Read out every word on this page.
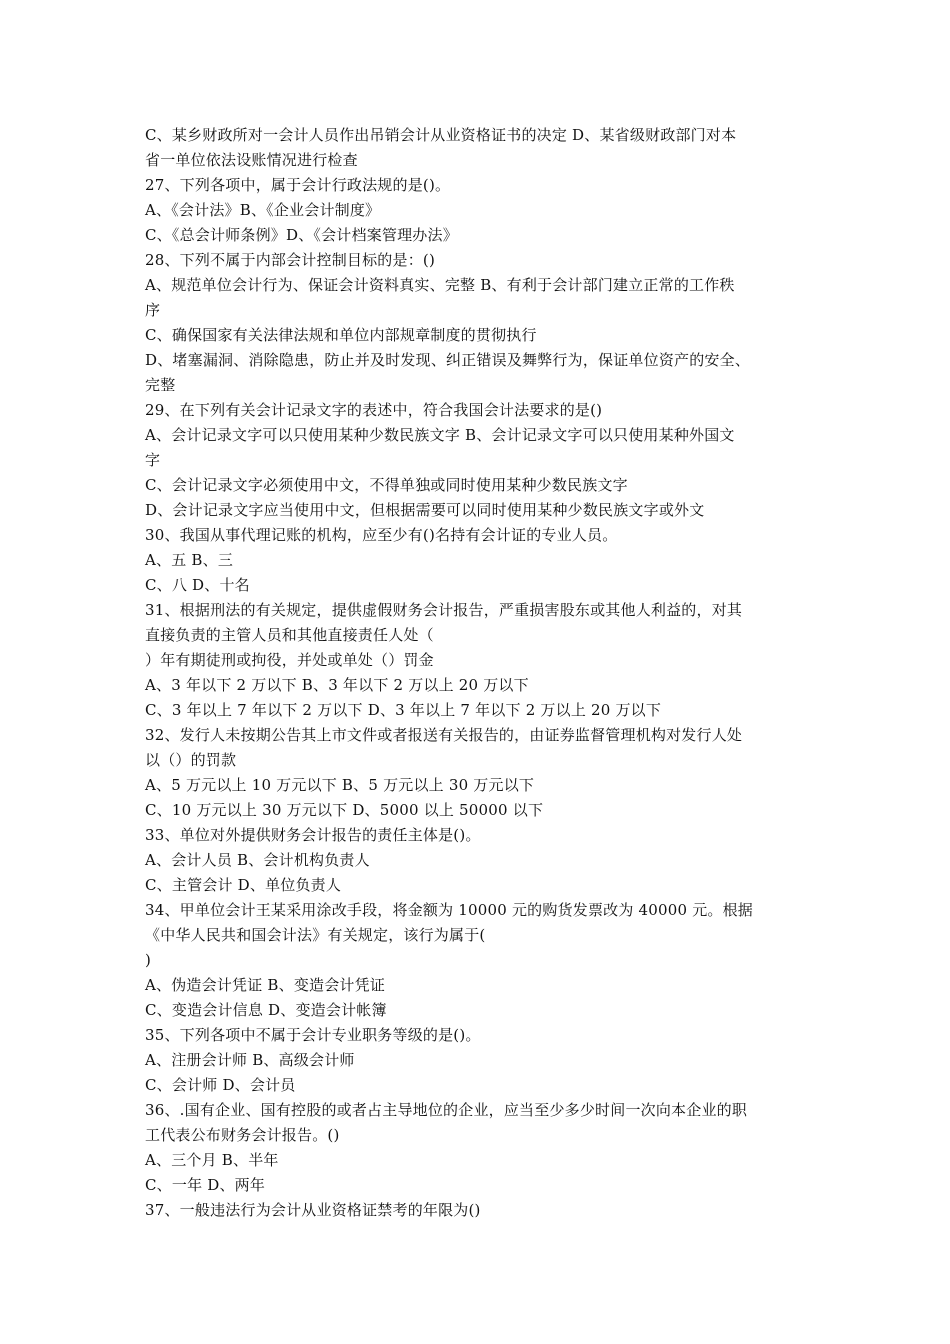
C、某乡财政所对一会计人员作出吊销会计从业资格证书的决定 D、某省级财政部门对本
省一单位依法设账情况进行检查
27、下列各项中，属于会计行政法规的是()。
A、《会计法》B、《企业会计制度》
C、《总会计师条例》D、《会计档案管理办法》
28、下列不属于内部会计控制目标的是：()
A、规范单位会计行为、保证会计资料真实、完整 B、有利于会计部门建立正常的工作秩
序
C、确保国家有关法律法规和单位内部规章制度的贯彻执行
D、堵塞漏洞、消除隐患，防止并及时发现、纠正错误及舞弊行为，保证单位资产的安全、
完整
29、在下列有关会计记录文字的表述中，符合我国会计法要求的是()
A、会计记录文字可以只使用某种少数民族文字 B、会计记录文字可以只使用某种外国文
字
C、会计记录文字必须使用中文，不得单独或同时使用某种少数民族文字
D、会计记录文字应当使用中文，但根据需要可以同时使用某种少数民族文字或外文
30、我国从事代理记账的机构，应至少有()名持有会计证的专业人员。
A、五 B、三
C、八 D、十名
31、根据刑法的有关规定，提供虚假财务会计报告，严重损害股东或其他人利益的，对其
直接负责的主管人员和其他直接责任人处（
）年有期徒刑或拘役，并处或单处（）罚金
A、3 年以下 2 万以下 B、3 年以下 2 万以上 20 万以下
C、3 年以上 7 年以下 2 万以下 D、3 年以上 7 年以下 2 万以上 20 万以下
32、发行人未按期公告其上市文件或者报送有关报告的，由证券监督管理机构对发行人处
以（）的罚款
A、5 万元以上 10 万元以下 B、5 万元以上 30 万元以下
C、10 万元以上 30 万元以下 D、5000 以上 50000 以下
33、单位对外提供财务会计报告的责任主体是()。
A、会计人员 B、会计机构负责人
C、主管会计 D、单位负责人
34、甲单位会计王某采用涂改手段，将金额为 10000 元的购货发票改为 40000 元。根据
《中华人民共和国会计法》有关规定，该行为属于(
)
A、伪造会计凭证 B、变造会计凭证
C、变造会计信息 D、变造会计帐簿
35、下列各项中不属于会计专业职务等级的是()。
A、注册会计师 B、高级会计师
C、会计师 D、会计员
36、.国有企业、国有控股的或者占主导地位的企业，应当至少多少时间一次向本企业的职
工代表公布财务会计报告。()
A、三个月 B、半年
C、一年 D、两年
37、一般违法行为会计从业资格证禁考的年限为()
